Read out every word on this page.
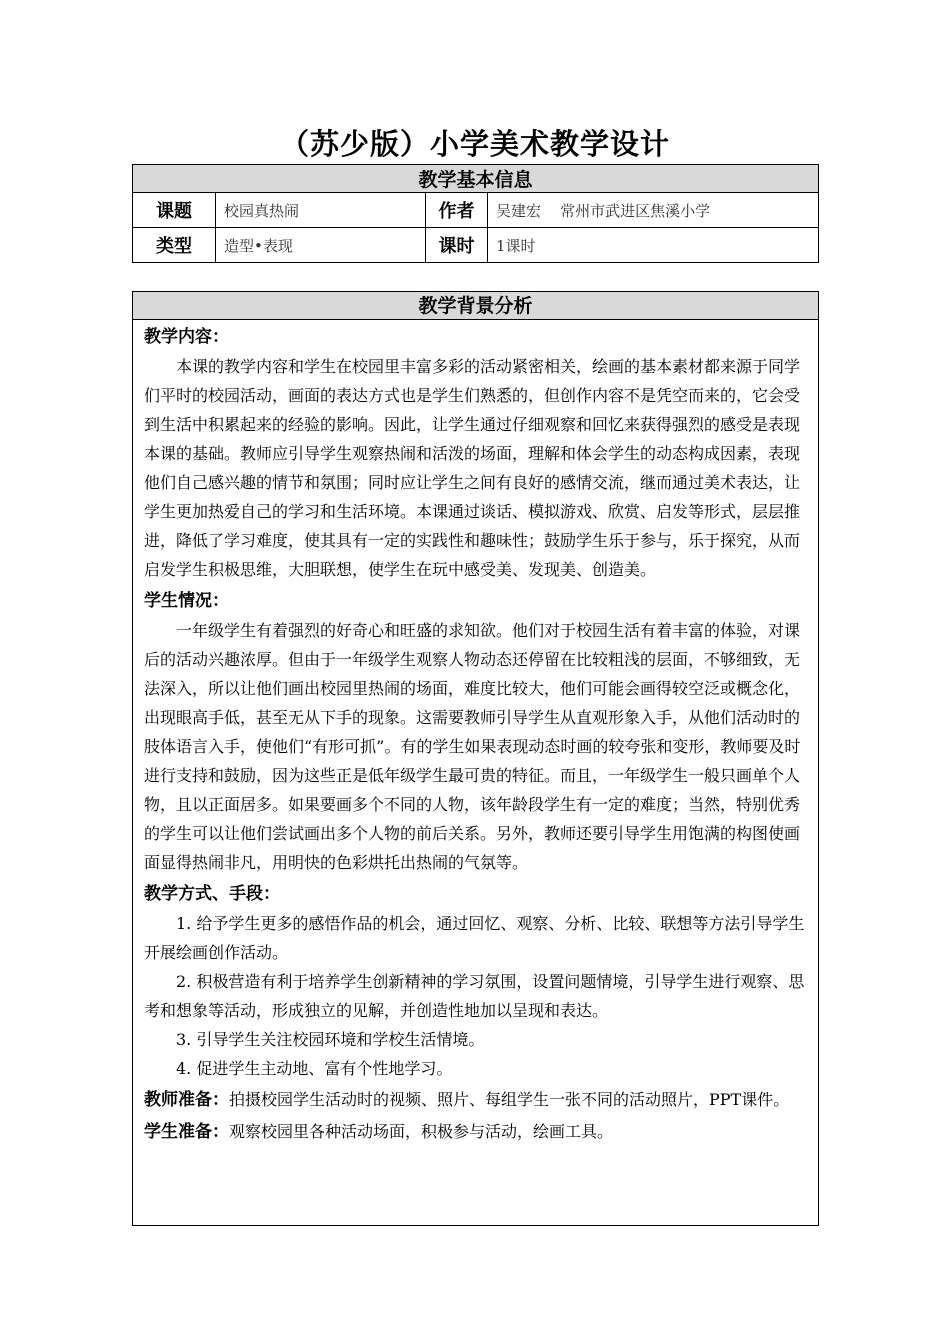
（苏少版）小学美术教学设计
教学基本信息			
课题	校园真热闹	作者	吴建宏    常州市武进区焦溪小学
类型	造型•表现	课时	1课时
教学背景分析
教学内容：

本课的教学内容和学生在校园里丰富多彩的活动紧密相关，绘画的基本素材都来源于同学们平时的校园活动，画面的表达方式也是学生们熟悉的，但创作内容不是凭空而来的，它会受到生活中积累起来的经验的影响。因此，让学生通过仔细观察和回忆来获得强烈的感受是表现本课的基础。教师应引导学生观察热闹和活泼的场面，理解和体会学生的动态构成因素，表现他们自己感兴趣的情节和氛围；同时应让学生之间有良好的感情交流，继而通过美术表达，让学生更加热爱自己的学习和生活环境。本课通过谈话、模拟游戏、欣赏、启发等形式，层层推进，降低了学习难度，使其具有一定的实践性和趣味性；鼓励学生乐于参与，乐于探究，从而启发学生积极思维，大胆联想，使学生在玩中感受美、发现美、创造美。

学生情况：

一年级学生有着强烈的好奇心和旺盛的求知欲。他们对于校园生活有着丰富的体验，对课后的活动兴趣浓厚。但由于一年级学生观察人物动态还停留在比较粗浅的层面，不够细致，无法深入，所以让他们画出校园里热闹的场面，难度比较大，他们可能会画得较空泛或概念化，出现眼高手低，甚至无从下手的现象。这需要教师引导学生从直观形象入手，从他们活动时的肢体语言入手，使他们“有形可抓”。有的学生如果表现动态时画的较夸张和变形，教师要及时进行支持和鼓励，因为这些正是低年级学生最可贵的特征。而且，一年级学生一般只画单个人物，且以正面居多。如果要画多个不同的人物，该年龄段学生有一定的难度；当然，特别优秀的学生可以让他们尝试画出多个人物的前后关系。另外，教师还要引导学生用饱满的构图使画面显得热闹非凡，用明快的色彩烘托出热闹的气氛等。

教学方式、手段：

1. 给予学生更多的感悟作品的机会，通过回忆、观察、分析、比较、联想等方法引导学生开展绘画创作活动。

2. 积极营造有利于培养学生创新精神的学习氛围，设置问题情境，引导学生进行观察、思考和想象等活动，形成独立的见解，并创造性地加以呈现和表达。

3. 引导学生关注校园环境和学校生活情境。

4. 促进学生主动地、富有个性地学习。

教师准备：拍摄校园学生活动时的视频、照片、每组学生一张不同的活动照片，PPT课件。

学生准备：观察校园里各种活动场面，积极参与活动，绘画工具。
